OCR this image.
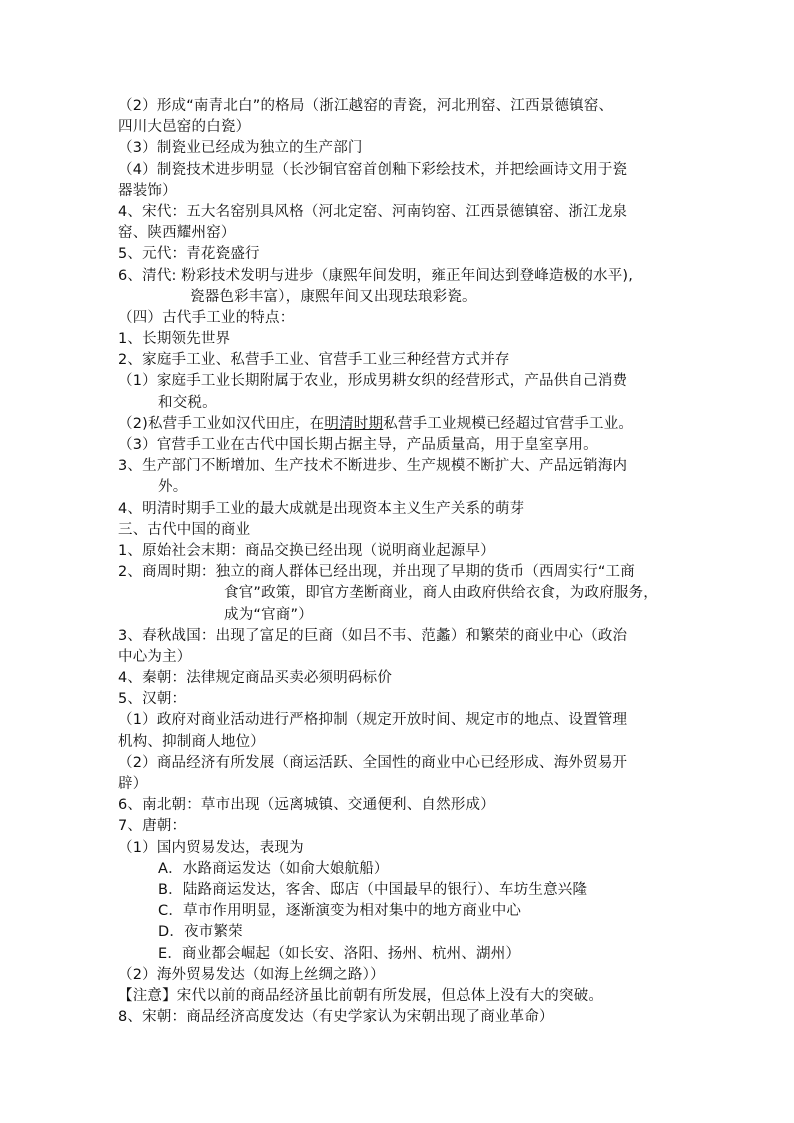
（2）形成“南青北白”的格局（浙江越窑的青瓷，河北刑窑、江西景德镇窑、
四川大邑窑的白瓷）
（3）制瓷业已经成为独立的生产部门
（4）制瓷技术进步明显（长沙铜官窑首创釉下彩绘技术，并把绘画诗文用于瓷
器装饰）
4、宋代：五大名窑别具风格（河北定窑、河南钧窑、江西景德镇窑、浙江龙泉
窑、陕西耀州窑）
5、元代：青花瓷盛行
6、清代: 粉彩技术发明与进步（康熙年间发明，雍正年间达到登峰造极的水平),
瓷器色彩丰富），康熙年间又出现珐琅彩瓷。
（四）古代手工业的特点：
1、长期领先世界
2、家庭手工业、私营手工业、官营手工业三种经营方式并存
（1）家庭手工业长期附属于农业，形成男耕女织的经营形式，产品供自己消费
和交税。
（2)私营手工业如汉代田庄，在明清时期私营手工业规模已经超过官营手工业。
（3）官营手工业在古代中国长期占据主导，产品质量高，用于皇室享用。
3、生产部门不断增加、生产技术不断进步、生产规模不断扩大、产品远销海内
外。
4、明清时期手工业的最大成就是出现资本主义生产关系的萌芽
三、古代中国的商业
1、原始社会末期：商品交换已经出现（说明商业起源早）
2、商周时期：独立的商人群体已经出现，并出现了早期的货币（西周实行“工商
食官”政策，即官方垄断商业，商人由政府供给衣食，为政府服务，
成为“官商”）
3、春秋战国：出现了富足的巨商（如吕不韦、范蠡）和繁荣的商业中心（政治
中心为主）
4、秦朝：法律规定商品买卖必须明码标价
5、汉朝：
（1）政府对商业活动进行严格抑制（规定开放时间、规定市的地点、设置管理
机构、抑制商人地位）
（2）商品经济有所发展（商运活跃、全国性的商业中心已经形成、海外贸易开
辟）
6、南北朝：草市出现（远离城镇、交通便利、自然形成）
7、唐朝：
（1）国内贸易发达，表现为
A．水路商运发达（如俞大娘航船）
B．陆路商运发达，客舍、邸店（中国最早的银行）、车坊生意兴隆
C．草市作用明显，逐渐演变为相对集中的地方商业中心
D．夜市繁荣
E．商业都会崛起（如长安、洛阳、扬州、杭州、湖州）
（2）海外贸易发达（如海上丝绸之路））
【注意】宋代以前的商品经济虽比前朝有所发展，但总体上没有大的突破。
8、宋朝：商品经济高度发达（有史学家认为宋朝出现了商业革命）
